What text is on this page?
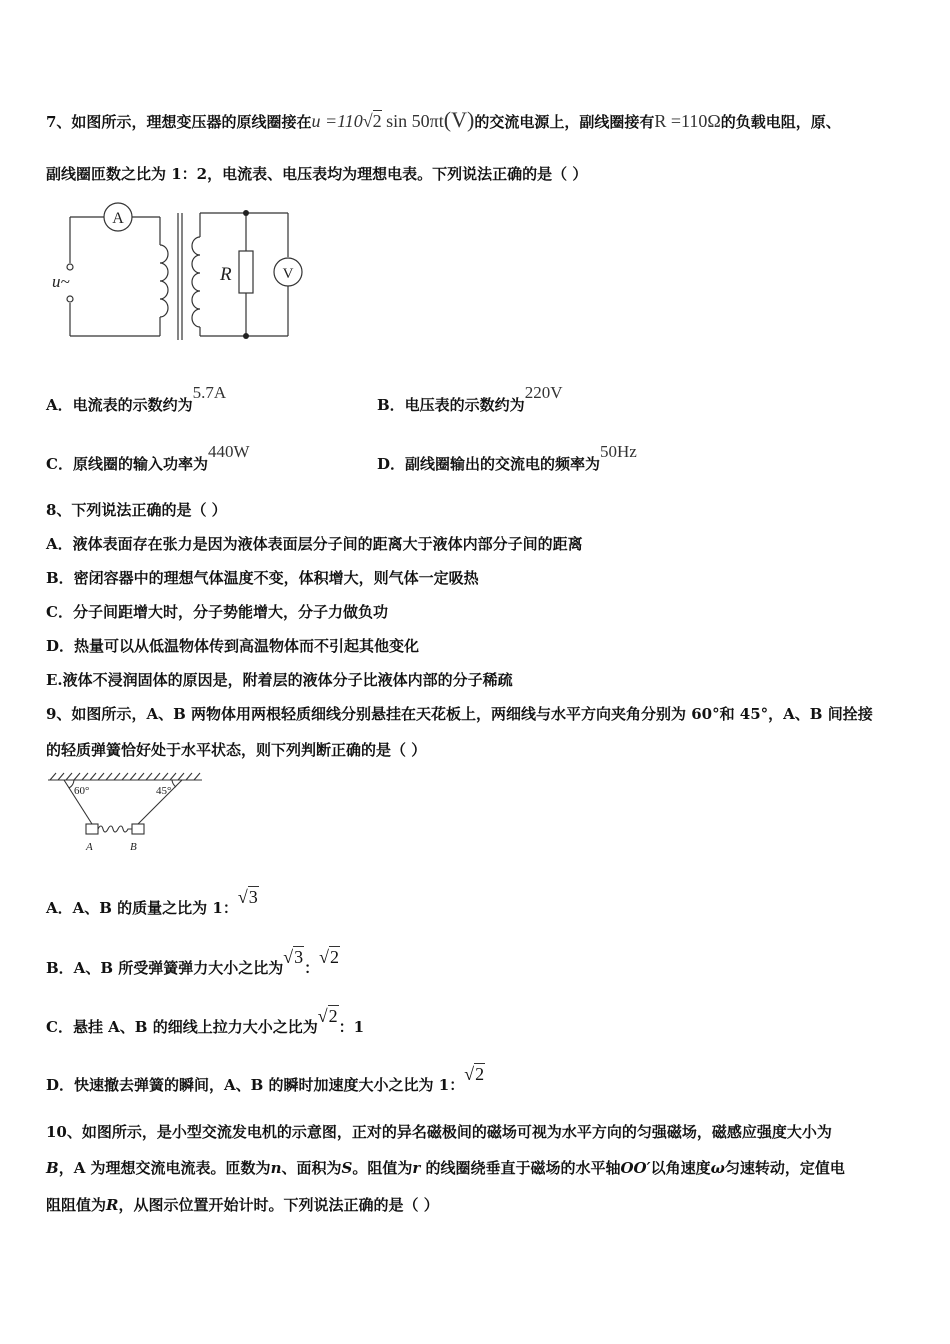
7、如图所示，理想变压器的原线圈接在u =110√2 sin 50πt(V)的交流电源上，副线圈接有R =110Ω的负载电阻，原、
副线圈匝数之比为 1：2，电流表、电压表均为理想电表。下列说法正确的是（ ）
A
u~	R	V
A．电流表的示数约为5.7A
B．电压表的示数约为220V
C．原线圈的输入功率为440W
D．副线圈输出的交流电的频率为50Hz
8、下列说法正确的是（ ）
A．液体表面存在张力是因为液体表面层分子间的距离大于液体内部分子间的距离
B．密闭容器中的理想气体温度不变，体积增大，则气体一定吸热
C．分子间距增大时，分子势能增大，分子力做负功
D．热量可以从低温物体传到高温物体而不引起其他变化
E.液体不浸润固体的原因是，附着层的液体分子比液体内部的分子稀疏
9、如图所示，A、B 两物体用两根轻质细线分别悬挂在天花板上，两细线与水平方向夹角分别为 60°和 45°，A、B 间拴接
的轻质弹簧恰好处于水平状态，则下列判断正确的是（ ）
60°	45°
A	B
A．A、B 的质量之比为 1：√3
B．A、B 所受弹簧弹力大小之比为√3：√2
C．悬挂 A、B 的细线上拉力大小之比为√2：1
D．快速撤去弹簧的瞬间，A、B 的瞬时加速度大小之比为 1：√2
10、如图所示，是小型交流发电机的示意图，正对的异名磁极间的磁场可视为水平方向的匀强磁场，磁感应强度大小为
B，A 为理想交流电流表。匝数为n、面积为S。阻值为r 的线圈绕垂直于磁场的水平轴OO′以角速度ω匀速转动，定值电
阻阻值为R，从图示位置开始计时。下列说法正确的是（ ）
